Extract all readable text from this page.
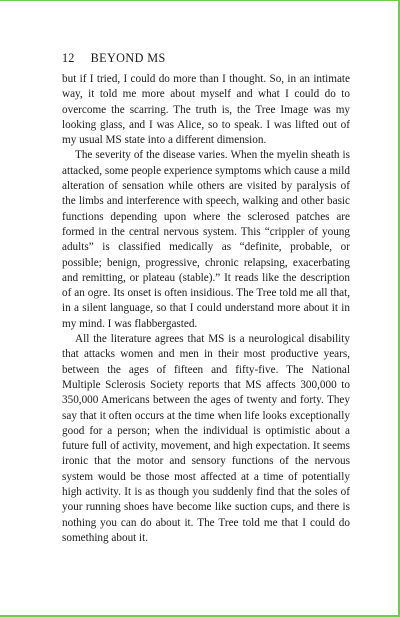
12 BEYOND MS

but if I tried, I could do more than I thought. So, in an intimate way, it told me more about myself and what I could do to overcome the scarring. The truth is, the Tree Image was my looking glass, and I was Alice, so to speak. I was lifted out of my usual MS state into a different dimension.

The severity of the disease varies. When the myelin sheath is attacked, some people experience symptoms which cause a mild alteration of sensation while others are visited by paralysis of the limbs and interference with speech, walking and other basic functions depending upon where the sclerosed patches are formed in the central nervous system. This “crippler of young adults” is classified medically as “definite, probable, or possible; benign, progressive, chronic relapsing, exacerbating and remitting, or plateau (stable).” It reads like the description of an ogre. Its onset is often insidious. The Tree told me all that, in a silent language, so that I could understand more about it in my mind. I was flabbergasted.

All the literature agrees that MS is a neurological disability that attacks women and men in their most productive years, between the ages of fifteen and fifty-five. The National Multiple Sclerosis Society reports that MS affects 300,000 to 350,000 Americans between the ages of twenty and forty. They say that it often occurs at the time when life looks exceptionally good for a person; when the individual is optimistic about a future full of activity, movement, and high expectation. It seems ironic that the motor and sensory functions of the nervous system would be those most affected at a time of potentially high activity. It is as though you suddenly find that the soles of your running shoes have become like suction cups, and there is nothing you can do about it. The Tree told me that I could do something about it.
